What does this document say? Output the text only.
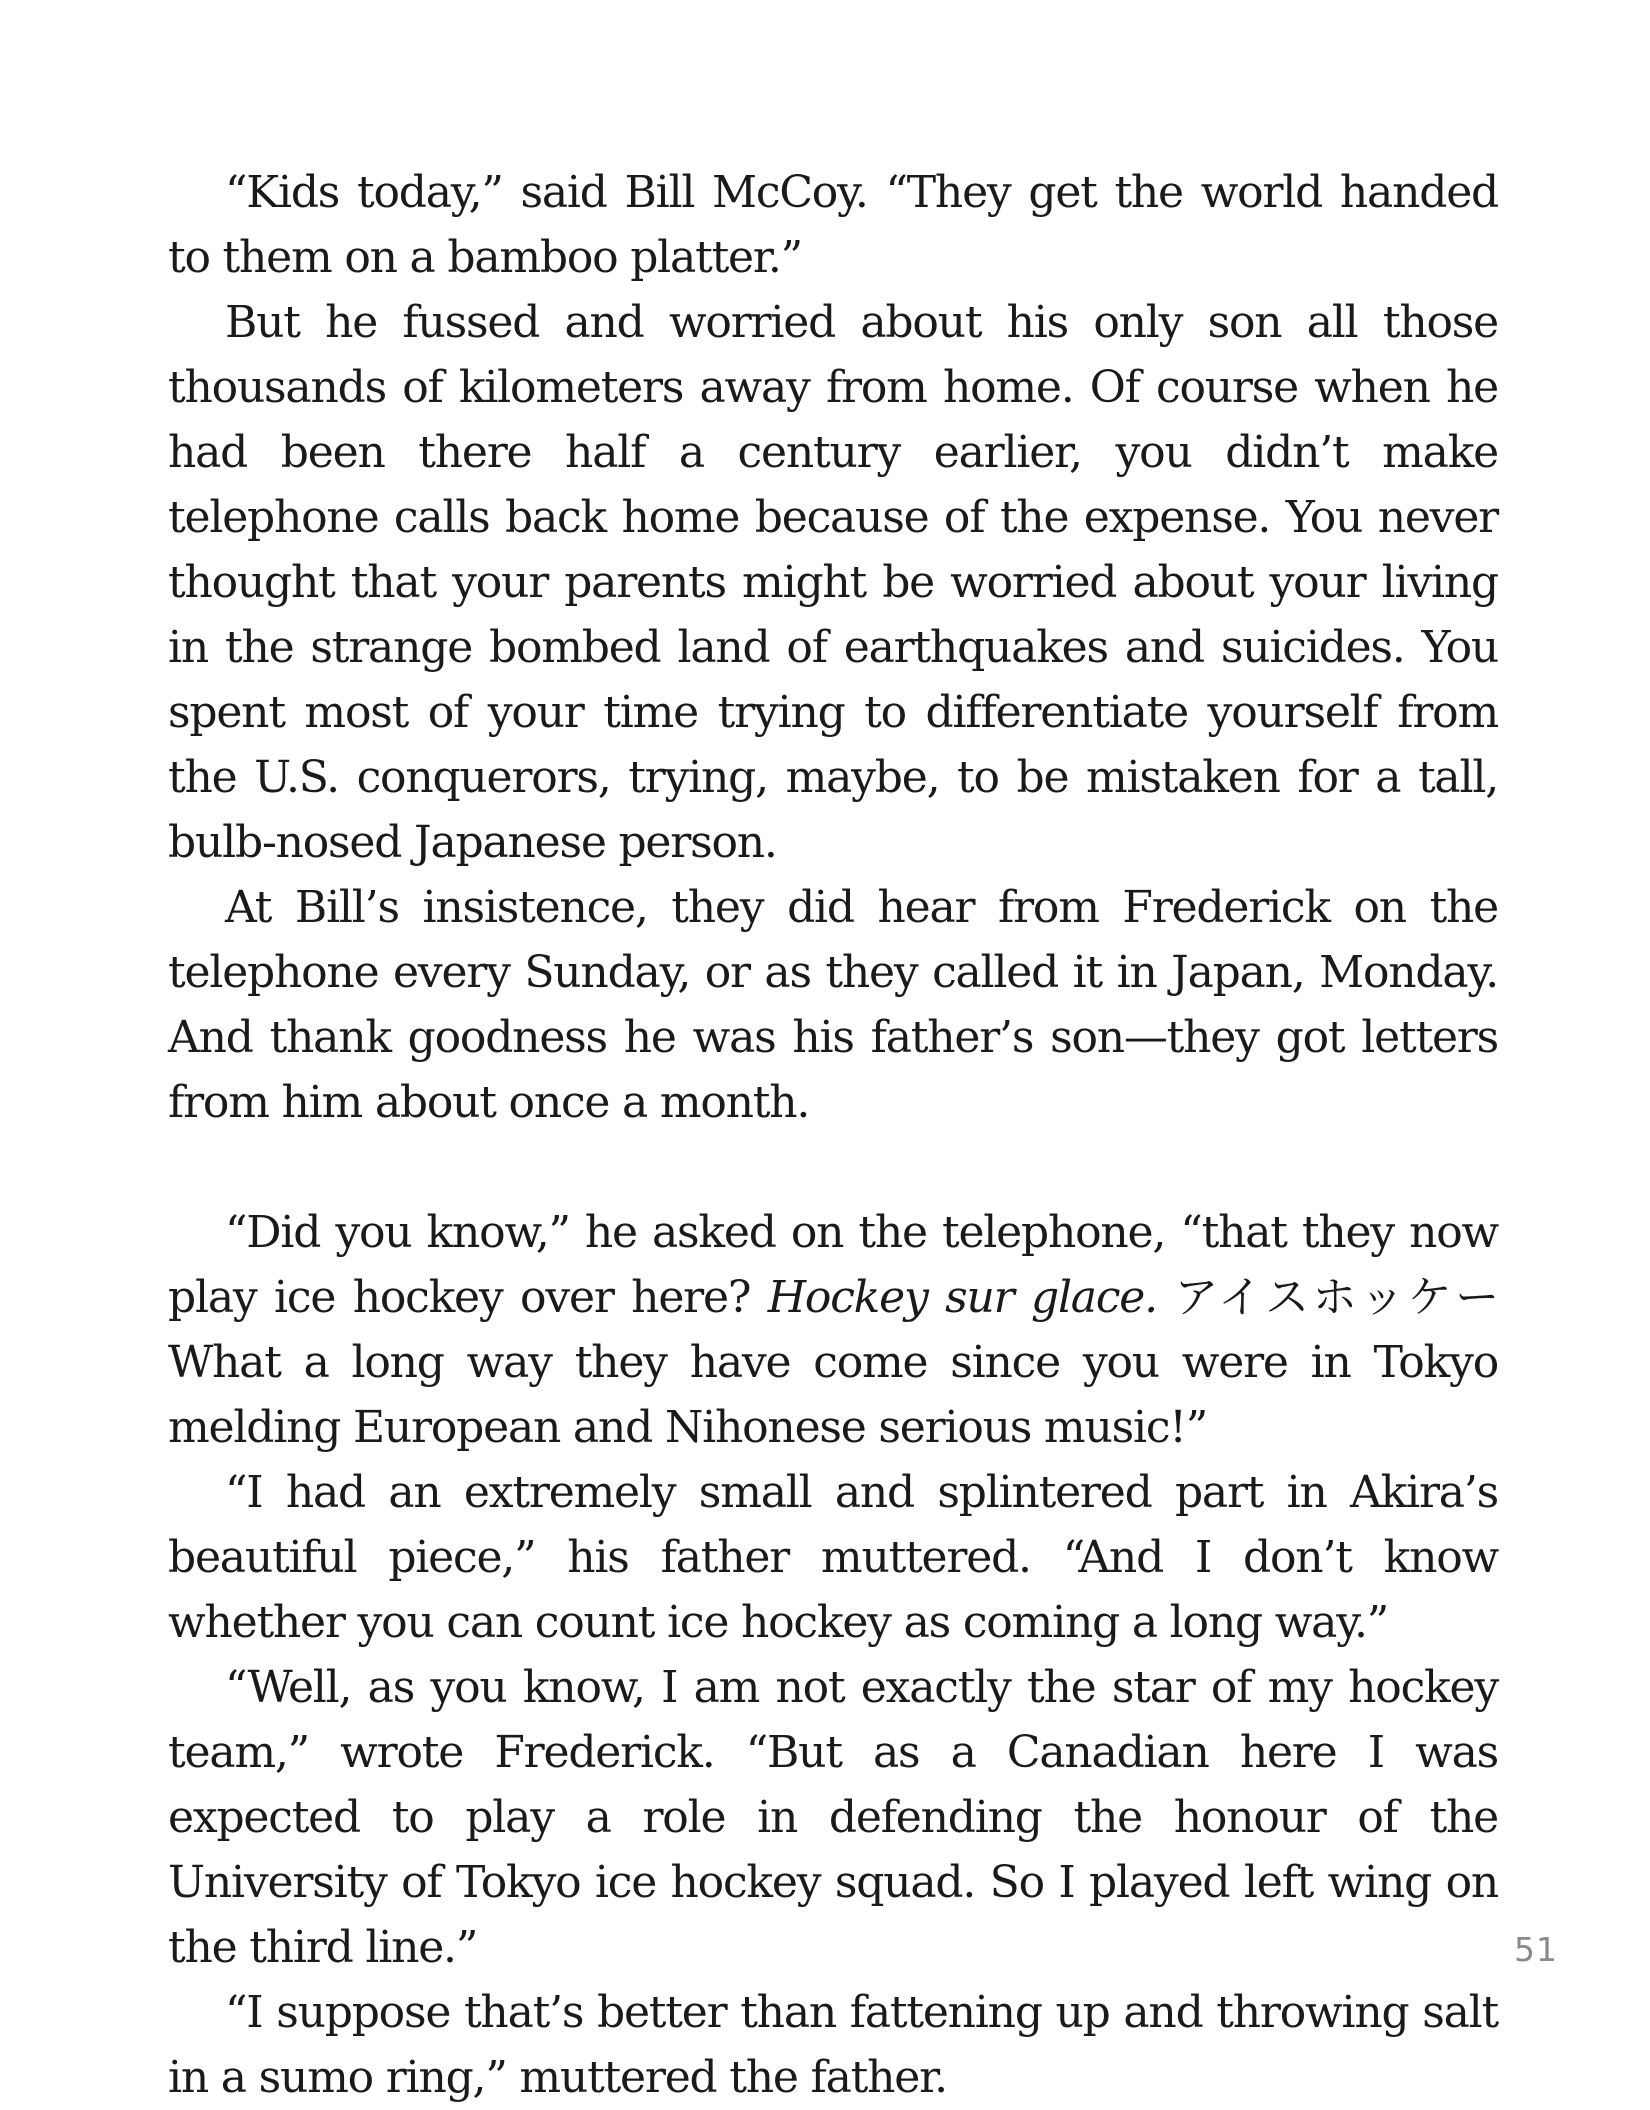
“Kids today,” said Bill McCoy. “They get the world handed to them on a bamboo platter.”

But he fussed and worried about his only son all those thousands of kilometers away from home. Of course when he had been there half a century earlier, you didn’t make telephone calls back home because of the expense. You never thought that your parents might be worried about your living in the strange bombed land of earthquakes and suicides. You spent most of your time trying to differentiate yourself from the U.S. conquerors, trying, maybe, to be mistaken for a tall, bulb-nosed Japanese person.

At Bill’s insistence, they did hear from Frederick on the telephone every Sunday, or as they called it in Japan, Monday. And thank goodness he was his father’s son—they got letters from him about once a month.

“Did you know,” he asked on the telephone, “that they now play ice hockey over here? Hockey sur glace. アイスホッケー What a long way they have come since you were in Tokyo melding European and Nihonese serious music!”

“I had an extremely small and splintered part in Akira’s beautiful piece,” his father muttered. “And I don’t know whether you can count ice hockey as coming a long way.”

“Well, as you know, I am not exactly the star of my hockey team,” wrote Frederick. “But as a Canadian here I was expected to play a role in defending the honour of the University of Tokyo ice hockey squad. So I played left wing on the third line.”

“I suppose that’s better than fattening up and throwing salt in a sumo ring,” muttered the father.

51
